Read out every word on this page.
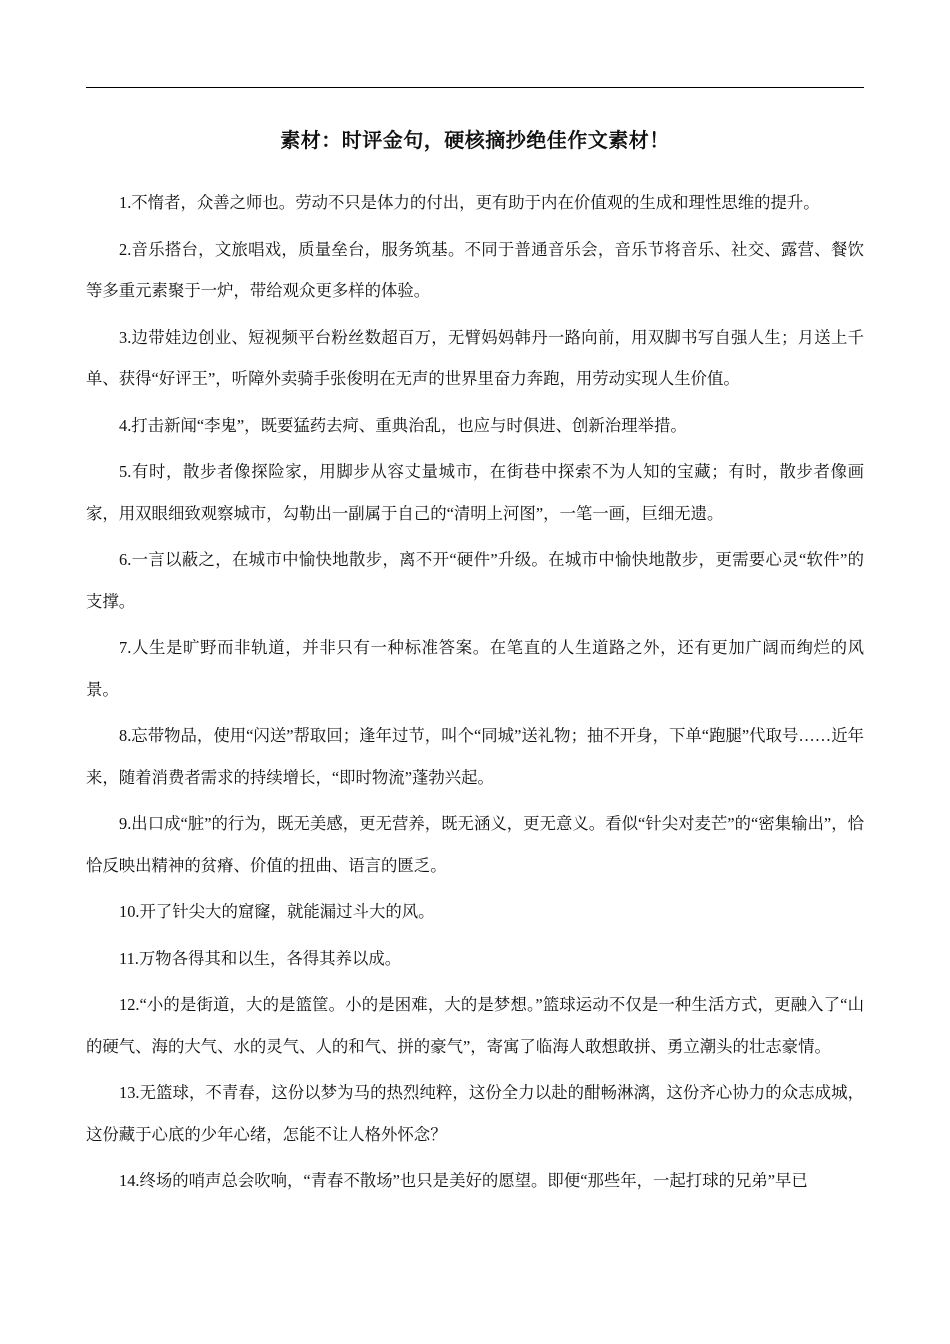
素材：时评金句，硬核摘抄绝佳作文素材！

1.不惰者，众善之师也。劳动不只是体力的付出，更有助于内在价值观的生成和理性思维的提升。

2.音乐搭台，文旅唱戏，质量垒台，服务筑基。不同于普通音乐会，音乐节将音乐、社交、露营、餐饮等多重元素聚于一炉，带给观众更多样的体验。

3.边带娃边创业、短视频平台粉丝数超百万，无臂妈妈韩丹一路向前，用双脚书写自强人生；月送上千单、获得“好评王”，听障外卖骑手张俊明在无声的世界里奋力奔跑，用劳动实现人生价值。

4.打击新闻“李鬼”，既要猛药去疴、重典治乱，也应与时俱进、创新治理举措。

5.有时，散步者像探险家，用脚步从容丈量城市，在街巷中探索不为人知的宝藏；有时，散步者像画家，用双眼细致观察城市，勾勒出一副属于自己的“清明上河图”，一笔一画，巨细无遗。

6.一言以蔽之，在城市中愉快地散步，离不开“硬件”升级。在城市中愉快地散步，更需要心灵“软件”的支撑。

7.人生是旷野而非轨道，并非只有一种标准答案。在笔直的人生道路之外，还有更加广阔而绚烂的风景。

8.忘带物品，使用“闪送”帮取回；逢年过节，叫个“同城”送礼物；抽不开身，下单“跑腿”代取号……近年来，随着消费者需求的持续增长，“即时物流”蓬勃兴起。

9.出口成“脏”的行为，既无美感，更无营养，既无涵义，更无意义。看似“针尖对麦芒”的“密集输出”，恰恰反映出精神的贫瘠、价值的扭曲、语言的匮乏。

10.开了针尖大的窟窿，就能漏过斗大的风。

11.万物各得其和以生，各得其养以成。

12.“小的是街道，大的是篮筐。小的是困难，大的是梦想。”篮球运动不仅是一种生活方式，更融入了“山的硬气、海的大气、水的灵气、人的和气、拼的豪气”，寄寓了临海人敢想敢拼、勇立潮头的壮志豪情。

13.无篮球，不青春，这份以梦为马的热烈纯粹，这份全力以赴的酣畅淋漓，这份齐心协力的众志成城，这份藏于心底的少年心绪，怎能不让人格外怀念？

14.终场的哨声总会吹响，“青春不散场”也只是美好的愿望。即便“那些年，一起打球的兄弟”早已
